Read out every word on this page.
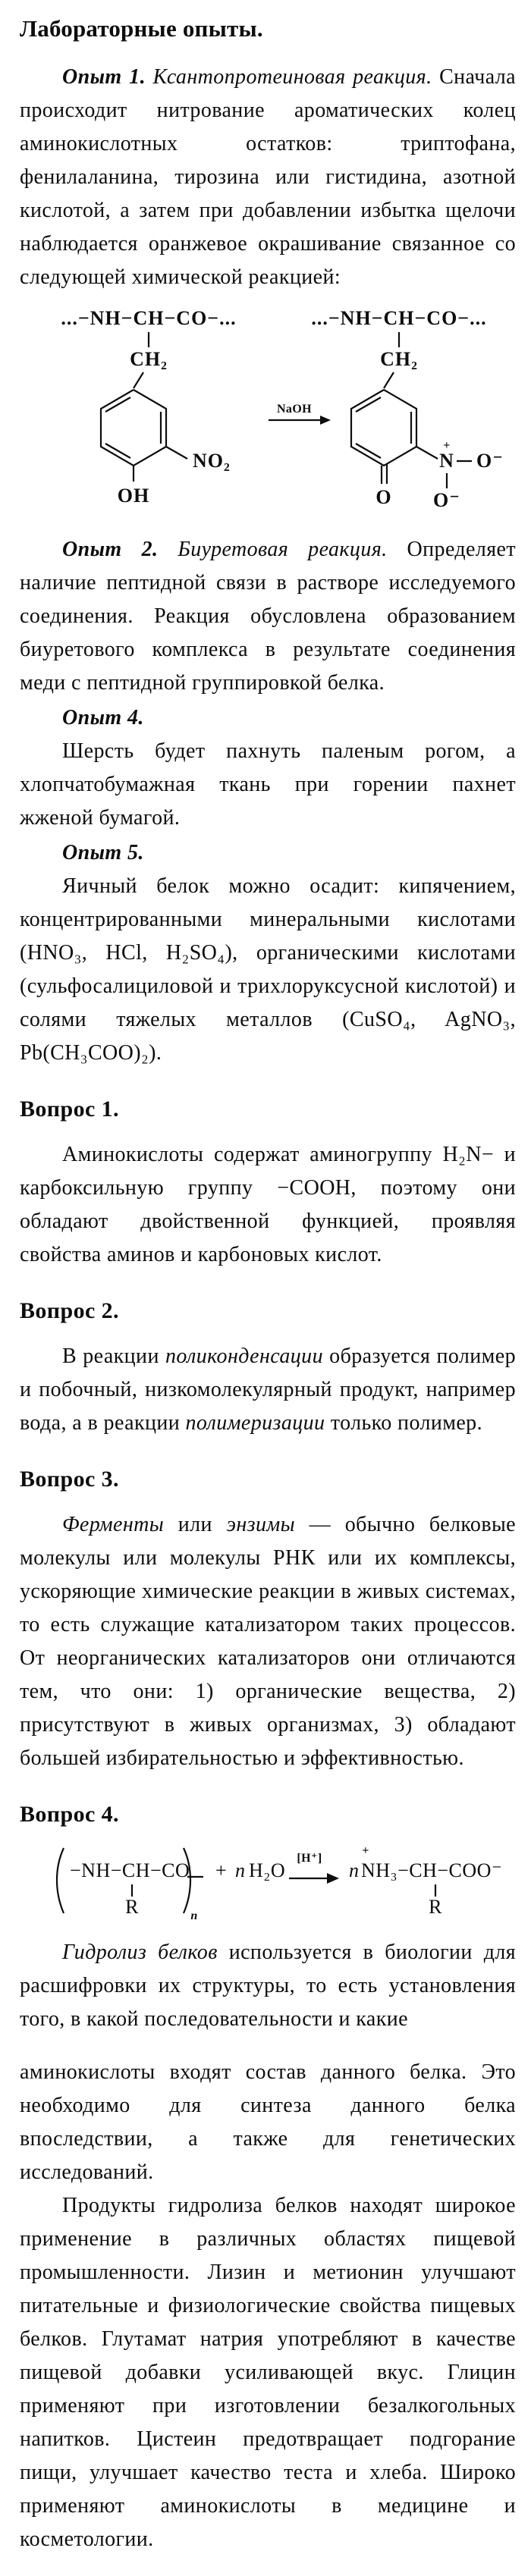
Лабораторные опыты.

Опыт 1. Ксантопротеиновая реакция. Сначала происходит нитрование ароматических колец аминокислотных остатков: триптофана, фенилаланина, тирозина или гистидина, азотной кислотой, а затем при добавлении избытка щелочи наблюдается оранжевое окрашивание связанное со следующей химической реакцией:

...−NH−CH−CO−...
CH₂
NO₂
OH
NaOH
...−NH−CH−CO−...
CH₂
O
+
N O⁻
O⁻

Опыт 2. Биуретовая реакция. Определяет наличие пептидной связи в растворе исследуемого соединения. Реакция обусловлена образованием биуретового комплекса в результате соединения меди с пептидной группировкой белка.

Опыт 4.

Шерсть будет пахнуть паленым рогом, а хлопчатобумажная ткань при горении пахнет жженой бумагой.

Опыт 5.

Яичный белок можно осадит: кипячением, концентрированными минеральными кислотами (HNO₃, HCl, H₂SO₄), органическими кислотами (сульфосалициловой и трихлоруксусной кислотой) и солями тяжелых металлов (CuSO₄, AgNO₃, Pb(CH₃COO)₂).

Вопрос 1.

Аминокислоты содержат аминогруппу H₂N− и карбоксильную группу −COOH, поэтому они обладают двойственной функцией, проявляя свойства аминов и карбоновых кислот.

Вопрос 2.

В реакции поликонденсации образуется полимер и побочный, низкомолекулярный продукт, например вода, а в реакции полимеризации только полимер.

Вопрос 3.

Ферменты или энзимы — обычно белковые молекулы или молекулы РНК или их комплексы, ускоряющие химические реакции в живых системах, то есть служащие катализатором таких процессов. От неорганических катализаторов они отличаются тем, что они: 1) органические вещества, 2) присутствуют в живых организмах, 3) обладают большей избирательностью и эффективностью.

Вопрос 4.

−NH−CH−CO
R	n
+ n H₂O
[H⁺]
+
n NH₃−CH−COO⁻
R

Гидролиз белков используется в биологии для расшифровки их структуры, то есть установления того, в какой последовательности и какие

аминокислоты входят состав данного белка. Это необходимо для синтеза данного белка впоследствии, а также для генетических исследований.

Продукты гидролиза белков находят широкое применение в различных областях пищевой промышленности. Лизин и метионин улучшают питательные и физиологические свойства пищевых белков. Глутамат натрия употребляют в качестве пищевой добавки усиливающей вкус. Глицин применяют при изготовлении безалкогольных напитков. Цистеин предотвращает подгорание пищи, улучшает качество теста и хлеба. Широко применяют аминокислоты в медицине и косметологии.
